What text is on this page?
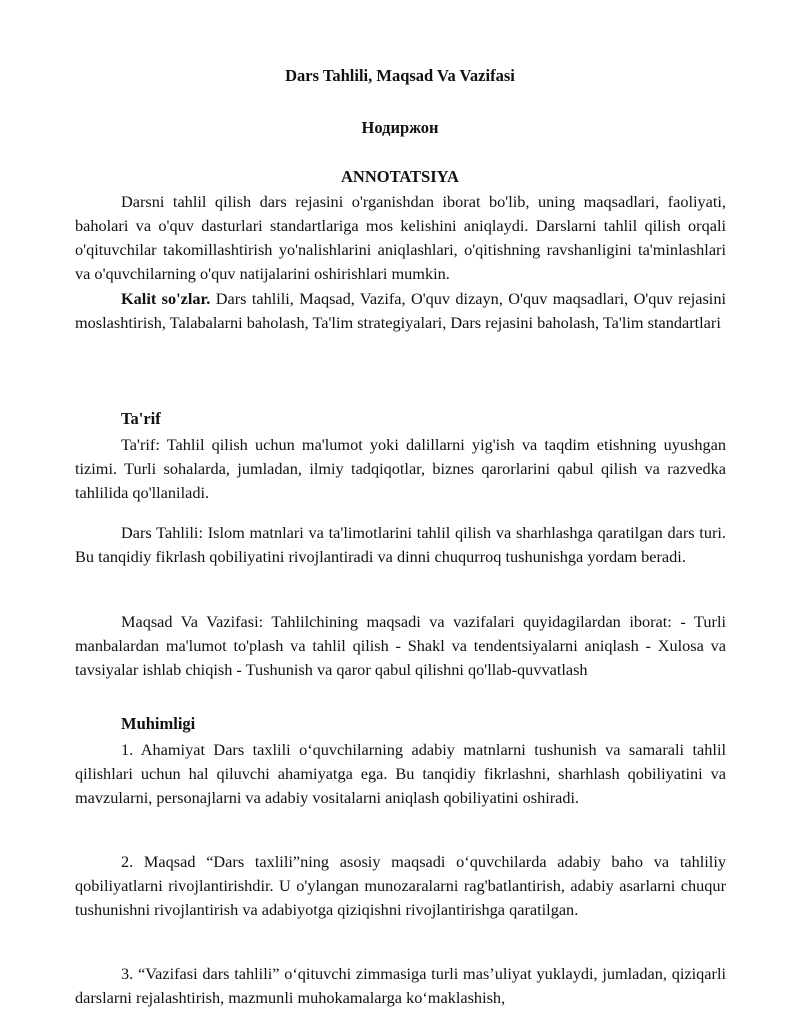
Dars Tahlili, Maqsad Va Vazifasi
Нодиржон
ANNOTATSIYA
Darsni tahlil qilish dars rejasini o'rganishdan iborat bo'lib, uning maqsadlari, faoliyati, baholari va o'quv dasturlari standartlariga mos kelishini aniqlaydi. Darslarni tahlil qilish orqali o'qituvchilar takomillashtirish yo'nalishlarini aniqlashlari, o'qitishning ravshanligini ta'minlashlari va o'quvchilarning o'quv natijalarini oshirishlari mumkin.
Kalit so'zlar. Dars tahlili, Maqsad, Vazifa, O'quv dizayn, O'quv maqsadlari, O'quv rejasini moslashtirish, Talabalarni baholash, Ta'lim strategiyalari, Dars rejasini baholash, Ta'lim standartlari
Ta'rif
Ta'rif: Tahlil qilish uchun ma'lumot yoki dalillarni yig'ish va taqdim etishning uyushgan tizimi. Turli sohalarda, jumladan, ilmiy tadqiqotlar, biznes qarorlarini qabul qilish va razvedka tahlilida qo'llaniladi.
Dars Tahlili: Islom matnlari va ta'limotlarini tahlil qilish va sharhlashga qaratilgan dars turi. Bu tanqidiy fikrlash qobiliyatini rivojlantiradi va dinni chuqurroq tushunishga yordam beradi.
Maqsad Va Vazifasi: Tahlilchining maqsadi va vazifalari quyidagilardan iborat: - Turli manbalardan ma'lumot to'plash va tahlil qilish - Shakl va tendentsiyalarni aniqlash - Xulosa va tavsiyalar ishlab chiqish - Tushunish va qaror qabul qilishni qo'llab-quvvatlash
Muhimligi
1. Ahamiyat Dars taxlili o‘quvchilarning adabiy matnlarni tushunish va samarali tahlil qilishlari uchun hal qiluvchi ahamiyatga ega. Bu tanqidiy fikrlashni, sharhlash qobiliyatini va mavzularni, personajlarni va adabiy vositalarni aniqlash qobiliyatini oshiradi.
2. Maqsad “Dars taxlili”ning asosiy maqsadi o‘quvchilarda adabiy baho va tahliliy qobiliyatlarni rivojlantirishdir. U o'ylangan munozaralarni rag'batlantirish, adabiy asarlarni chuqur tushunishni rivojlantirish va adabiyotga qiziqishni rivojlantirishga qaratilgan.
3. “Vazifasi dars tahlili” o‘qituvchi zimmasiga turli mas’uliyat yuklaydi, jumladan, qiziqarli darslarni rejalashtirish, mazmunli muhokamalarga ko‘maklashish,
